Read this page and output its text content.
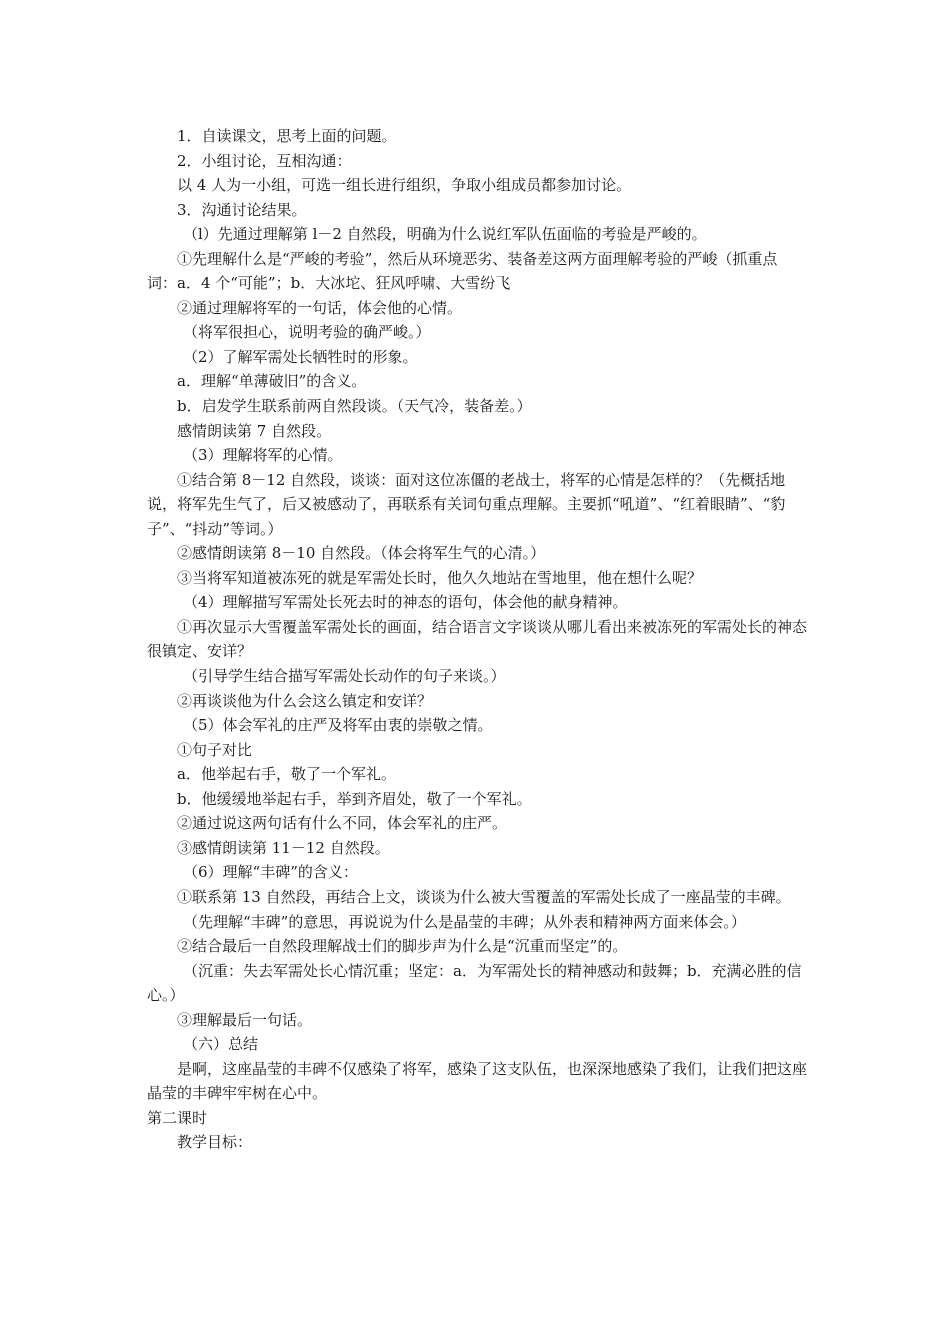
1．自读课文，思考上面的问题。

2．小组讨论，互相沟通：

以 4 人为一小组，可选一组长进行组织，争取小组成员都参加讨论。

3．沟通讨论结果。

（l）先通过理解第 l－2 自然段，明确为什么说红军队伍面临的考验是严峻的。

①先理解什么是“严峻的考验”，然后从环境恶劣、装备差这两方面理解考验的严峻（抓重点词：a．4 个“可能”；b．大冰坨、狂风呼啸、大雪纷飞

②通过理解将军的一句话，体会他的心情。

（将军很担心，说明考验的确严峻。）

（2）了解军需处长牺牲时的形象。

a．理解“单薄破旧”的含义。

b．启发学生联系前两自然段谈。（天气冷，装备差。）

感情朗读第 7 自然段。

（3）理解将军的心情。

①结合第 8－12 自然段，谈谈：面对这位冻僵的老战士，将军的心情是怎样的？（先概括地说，将军先生气了，后又被感动了，再联系有关词句重点理解。主要抓“吼道”、“红着眼睛”、“豹子”、“抖动”等词。）

②感情朗读第 8－10 自然段。（体会将军生气的心清。）

③当将军知道被冻死的就是军需处长时，他久久地站在雪地里，他在想什么呢？

（4）理解描写军需处长死去时的神态的语句，体会他的献身精神。

①再次显示大雪覆盖军需处长的画面，结合语言文字谈谈从哪儿看出来被冻死的军需处长的神态很镇定、安详？

（引导学生结合描写军需处长动作的句子来谈。）

②再谈谈他为什么会这么镇定和安详？

（5）体会军礼的庄严及将军由衷的崇敬之情。

①句子对比

a．他举起右手，敬了一个军礼。

b．他缓缓地举起右手，举到齐眉处，敬了一个军礼。

②通过说这两句话有什么不同，体会军礼的庄严。

③感情朗读第 11－12 自然段。

（6）理解“丰碑”的含义：

①联系第 13 自然段，再结合上文，谈谈为什么被大雪覆盖的军需处长成了一座晶莹的丰碑。

（先理解“丰碑”的意思，再说说为什么是晶莹的丰碑；从外表和精神两方面来体会。）

②结合最后一自然段理解战士们的脚步声为什么是“沉重而坚定”的。

（沉重：失去军需处长心情沉重；坚定：a．为军需处长的精神感动和鼓舞；b．充满必胜的信心。）

③理解最后一句话。

（六）总结

是啊，这座晶莹的丰碑不仅感染了将军，感染了这支队伍，也深深地感染了我们，让我们把这座晶莹的丰碑牢牢树在心中。

第二课时

教学目标：
